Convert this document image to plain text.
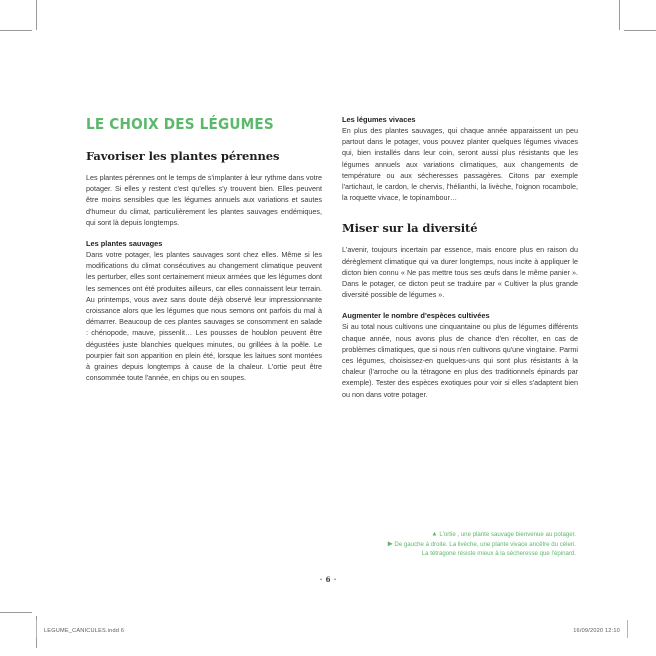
LE CHOIX DES LÉGUMES
Favoriser les plantes pérennes

Les plantes pérennes ont le temps de s'implanter à leur rythme dans votre potager. Si elles y restent c'est qu'elles s'y trouvent bien. Elles peuvent être moins sensibles que les légumes annuels aux variations et sautes d'humeur du climat, particulièrement les plantes sauvages endémiques, qui sont là depuis longtemps.

Les plantes sauvages

Dans votre potager, les plantes sauvages sont chez elles. Même si les modifications du climat consécutives au changement climatique peuvent les perturber, elles sont certainement mieux armées que les légumes dont les semences ont été produites ailleurs, car elles connaissent leur terrain. Au printemps, vous avez sans doute déjà observé leur impressionnante croissance alors que les légumes que nous semons ont parfois du mal à démarrer. Beaucoup de ces plantes sauvages se consomment en salade : chénopode, mauve, pissenlit… Les pousses de houblon peuvent être dégustées juste blanchies quelques minutes, ou grillées à la poêle. Le pourpier fait son apparition en plein été, lorsque les laitues sont montées à graines depuis longtemps à cause de la chaleur. L'ortie peut être consommée toute l'année, en chips ou en soupes.

Les légumes vivaces

En plus des plantes sauvages, qui chaque année apparaissent un peu partout dans le potager, vous pouvez planter quelques légumes vivaces qui, bien installés dans leur coin, seront aussi plus résistants que les légumes annuels aux variations climatiques, aux changements de température ou aux sécheresses passagères. Citons par exemple l'artichaut, le cardon, le chervis, l'hélianthi, la livèche, l'oignon rocambole, la roquette vivace, le topinambour…

Miser sur la diversité

L'avenir, toujours incertain par essence, mais encore plus en raison du dérèglement climatique qui va durer longtemps, nous incite à appliquer le dicton bien connu « Ne pas mettre tous ses œufs dans le même panier ». Dans le potager, ce dicton peut se traduire par « Cultiver la plus grande diversité possible de légumes ».

Augmenter le nombre d'espèces cultivées

Si au total nous cultivons une cinquantaine ou plus de légumes différents chaque année, nous avons plus de chance d'en récolter, en cas de problèmes climatiques, que si nous n'en cultivons qu'une vingtaine. Parmi ces légumes, choisissez-en quelques-uns qui sont plus résistants à la chaleur (l'arroche ou la tétragone en plus des traditionnels épinards par exemple). Tester des espèces exotiques pour voir si elles s'adaptent bien ou non dans votre potager.

▲ L'ortie , une plante sauvage bienvenue au potager.
▶ De gauche à droite. La livèche, une plante vivace ancêtre du céleri.
La tétragone résiste mieux à la sécheresse que l'épinard.
• 6 •
LEGUME_CANICULES.indd 6	16/09/2020 12:10
